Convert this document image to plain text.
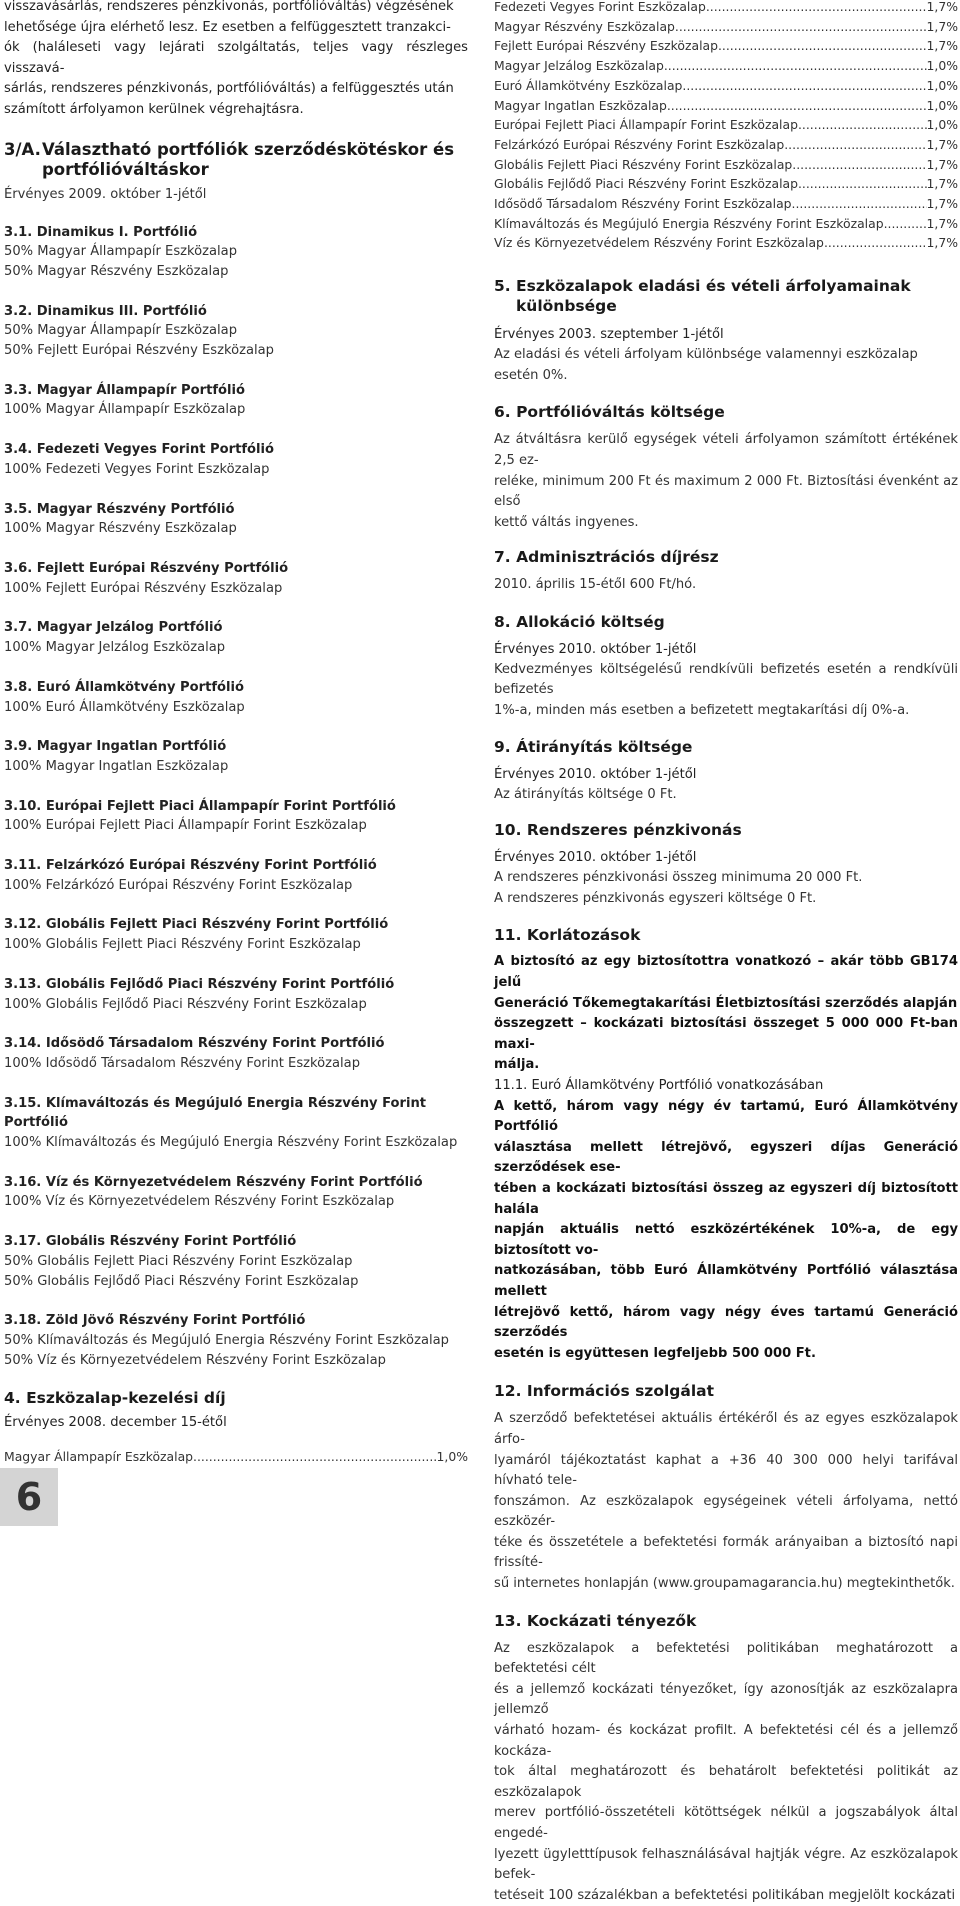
visszavásárlás, rendszeres pénzkivonás, portfólióváltás) végzésének

lehetősége újra elérhető lesz. Ez esetben a felfüggesztett tranzakci-

ók (haláleseti vagy lejárati szolgáltatás, teljes vagy részleges visszavá-

sárlás, rendszeres pénzkivonás, portfólióváltás) a felfüggesztés után

számított árfolyamon kerülnek végrehajtásra.

3/A. Választható portfóliók szerződéskötéskor és
portfólióváltáskor

Érvényes 2009. október 1-jétől

3.1. Dinamikus I. Portfólió
50% Magyar Állampapír Eszközalap
50% Magyar Részvény Eszközalap
3.2. Dinamikus III. Portfólió
50% Magyar Állampapír Eszközalap
50% Fejlett Európai Részvény Eszközalap
3.3. Magyar Állampapír Portfólió
100% Magyar Állampapír Eszközalap
3.4. Fedezeti Vegyes Forint Portfólió
100% Fedezeti Vegyes Forint Eszközalap
3.5. Magyar Részvény Portfólió
100% Magyar Részvény Eszközalap
3.6. Fejlett Európai Részvény Portfólió
100% Fejlett Európai Részvény Eszközalap
3.7. Magyar Jelzálog Portfólió
100% Magyar Jelzálog Eszközalap
3.8. Euró Államkötvény Portfólió
100% Euró Államkötvény Eszközalap
3.9. Magyar Ingatlan Portfólió
100% Magyar Ingatlan Eszközalap
3.10. Európai Fejlett Piaci Állampapír Forint Portfólió
100% Európai Fejlett Piaci Állampapír Forint Eszközalap
3.11. Felzárkózó Európai Részvény Forint Portfólió
100% Felzárkózó Európai Részvény Forint Eszközalap
3.12. Globális Fejlett Piaci Részvény Forint Portfólió
100% Globális Fejlett Piaci Részvény Forint Eszközalap
3.13. Globális Fejlődő Piaci Részvény Forint Portfólió
100% Globális Fejlődő Piaci Részvény Forint Eszközalap
3.14. Idősödő Társadalom Részvény Forint Portfólió
100% Idősödő Társadalom Részvény Forint Eszközalap
3.15. Klímaváltozás és Megújuló Energia Részvény Forint Portfólió
100% Klímaváltozás és Megújuló Energia Részvény Forint Eszközalap
3.16. Víz és Környezetvédelem Részvény Forint Portfólió
100% Víz és Környezetvédelem Részvény Forint Eszközalap
3.17. Globális Részvény Forint Portfólió
50% Globális Fejlett Piaci Részvény Forint Eszközalap
50% Globális Fejlődő Piaci Részvény Forint Eszközalap
3.18. Zöld Jövő Részvény Forint Portfólió
50% Klímaváltozás és Megújuló Energia Részvény Forint Eszközalap
50% Víz és Környezetvédelem Részvény Forint Eszközalap
4. Eszközalap-kezelési díj

Érvényes 2008. december 15-étől

Magyar Állampapír Eszközalap .....	1,0%
Fedezeti Vegyes Forint Eszközalap .....	1,7%
Magyar Részvény Eszközalap .....	1,7%
Fejlett Európai Részvény Eszközalap .....	1,7%
Magyar Jelzálog Eszközalap .....	1,0%
Euró Államkötvény Eszközalap .....	1,0%
Magyar Ingatlan Eszközalap .....	1,0%
Európai Fejlett Piaci Állampapír Forint Eszközalap .....	1,0%
Felzárkózó Európai Részvény Forint Eszközalap .....	1,7%
Globális Fejlett Piaci Részvény Forint Eszközalap .....	1,7%
Globális Fejlődő Piaci Részvény Forint Eszközalap .....	1,7%
Idősödő Társadalom Részvény Forint Eszközalap .....	1,7%
Klímaváltozás és Megújuló Energia Részvény Forint Eszközalap .....	1,7%
Víz és Környezetvédelem Részvény Forint Eszközalap .....	1,7%
5. Eszközalapok eladási és vételi árfolyamainak
különbsége

Érvényes 2003. szeptember 1-jétől

Az eladási és vételi árfolyam különbsége valamennyi eszközalap esetén 0%.

6. Portfólióváltás költsége

Az átváltásra kerülő egységek vételi árfolyamon számított értékének 2,5 ez-

reléke, minimum 200 Ft és maximum 2 000 Ft. Biztosítási évenként az első

kettő váltás ingyenes.

7. Adminisztrációs díjrész

2010. április 15-étől 600 Ft/hó.

8. Allokáció költség

Érvényes 2010. október 1-jétől

Kedvezményes költségelésű rendkívüli befizetés esetén a rendkívüli befizetés

1%-a, minden más esetben a befizetett megtakarítási díj 0%-a.

9. Átirányítás költsége

Érvényes 2010. október 1-jétől

Az átirányítás költsége 0 Ft.

10. Rendszeres pénzkivonás

Érvényes 2010. október 1-jétől

A rendszeres pénzkivonási összeg minimuma 20 000 Ft.

A rendszeres pénzkivonás egyszeri költsége 0 Ft.

11. Korlátozások

A biztosító az egy biztosítottra vonatkozó – akár több GB174 jelű

Generáció Tőkemegtakarítási Életbiztosítási szerződés alapján

összegzett – kockázati biztosítási összeget 5 000 000 Ft-ban maxi-

málja.

11.1. Euró Államkötvény Portfólió vonatkozásában

A kettő, három vagy négy év tartamú, Euró Államkötvény Portfólió

választása mellett létrejövő, egyszeri díjas Generáció szerződések ese-

tében a kockázati biztosítási összeg az egyszeri díj biztosított halála

napján aktuális nettó eszközértékének 10%-a, de egy biztosított vo-

natkozásában, több Euró Államkötvény Portfólió választása mellett

létrejövő kettő, három vagy négy éves tartamú Generáció szerződés

esetén is együttesen legfeljebb 500 000 Ft.

12. Információs szolgálat

A szerződő befektetései aktuális értékéről és az egyes eszközalapok árfo-

lyamáról tájékoztatást kaphat a +36 40 300 000 helyi tarifával hívható tele-

fonszámon. Az eszközalapok egységeinek vételi árfolyama, nettó eszközér-

téke és összetétele a befektetési formák arányaiban a biztosító napi frissíté-

sű internetes honlapján (www.groupamagarancia.hu) megtekinthetők.

13. Kockázati tényezők

Az eszközalapok a befektetési politikában meghatározott a befektetési célt

és a jellemző kockázati tényezőket, így azonosítják az eszközalapra jellemző

várható hozam- és kockázat profilt. A befektetési cél és a jellemző kockáza-

tok által meghatározott és behatárolt befektetési politikát az eszközalapok

merev portfólió-összetételi kötöttségek nélkül a jogszabályok által engedé-

lyezett ügyletttípusok felhasználásával hajtják végre. Az eszközalapok befek-

tetéseit 100 százalékban a befektetési politikában megjelölt kockázati

6
